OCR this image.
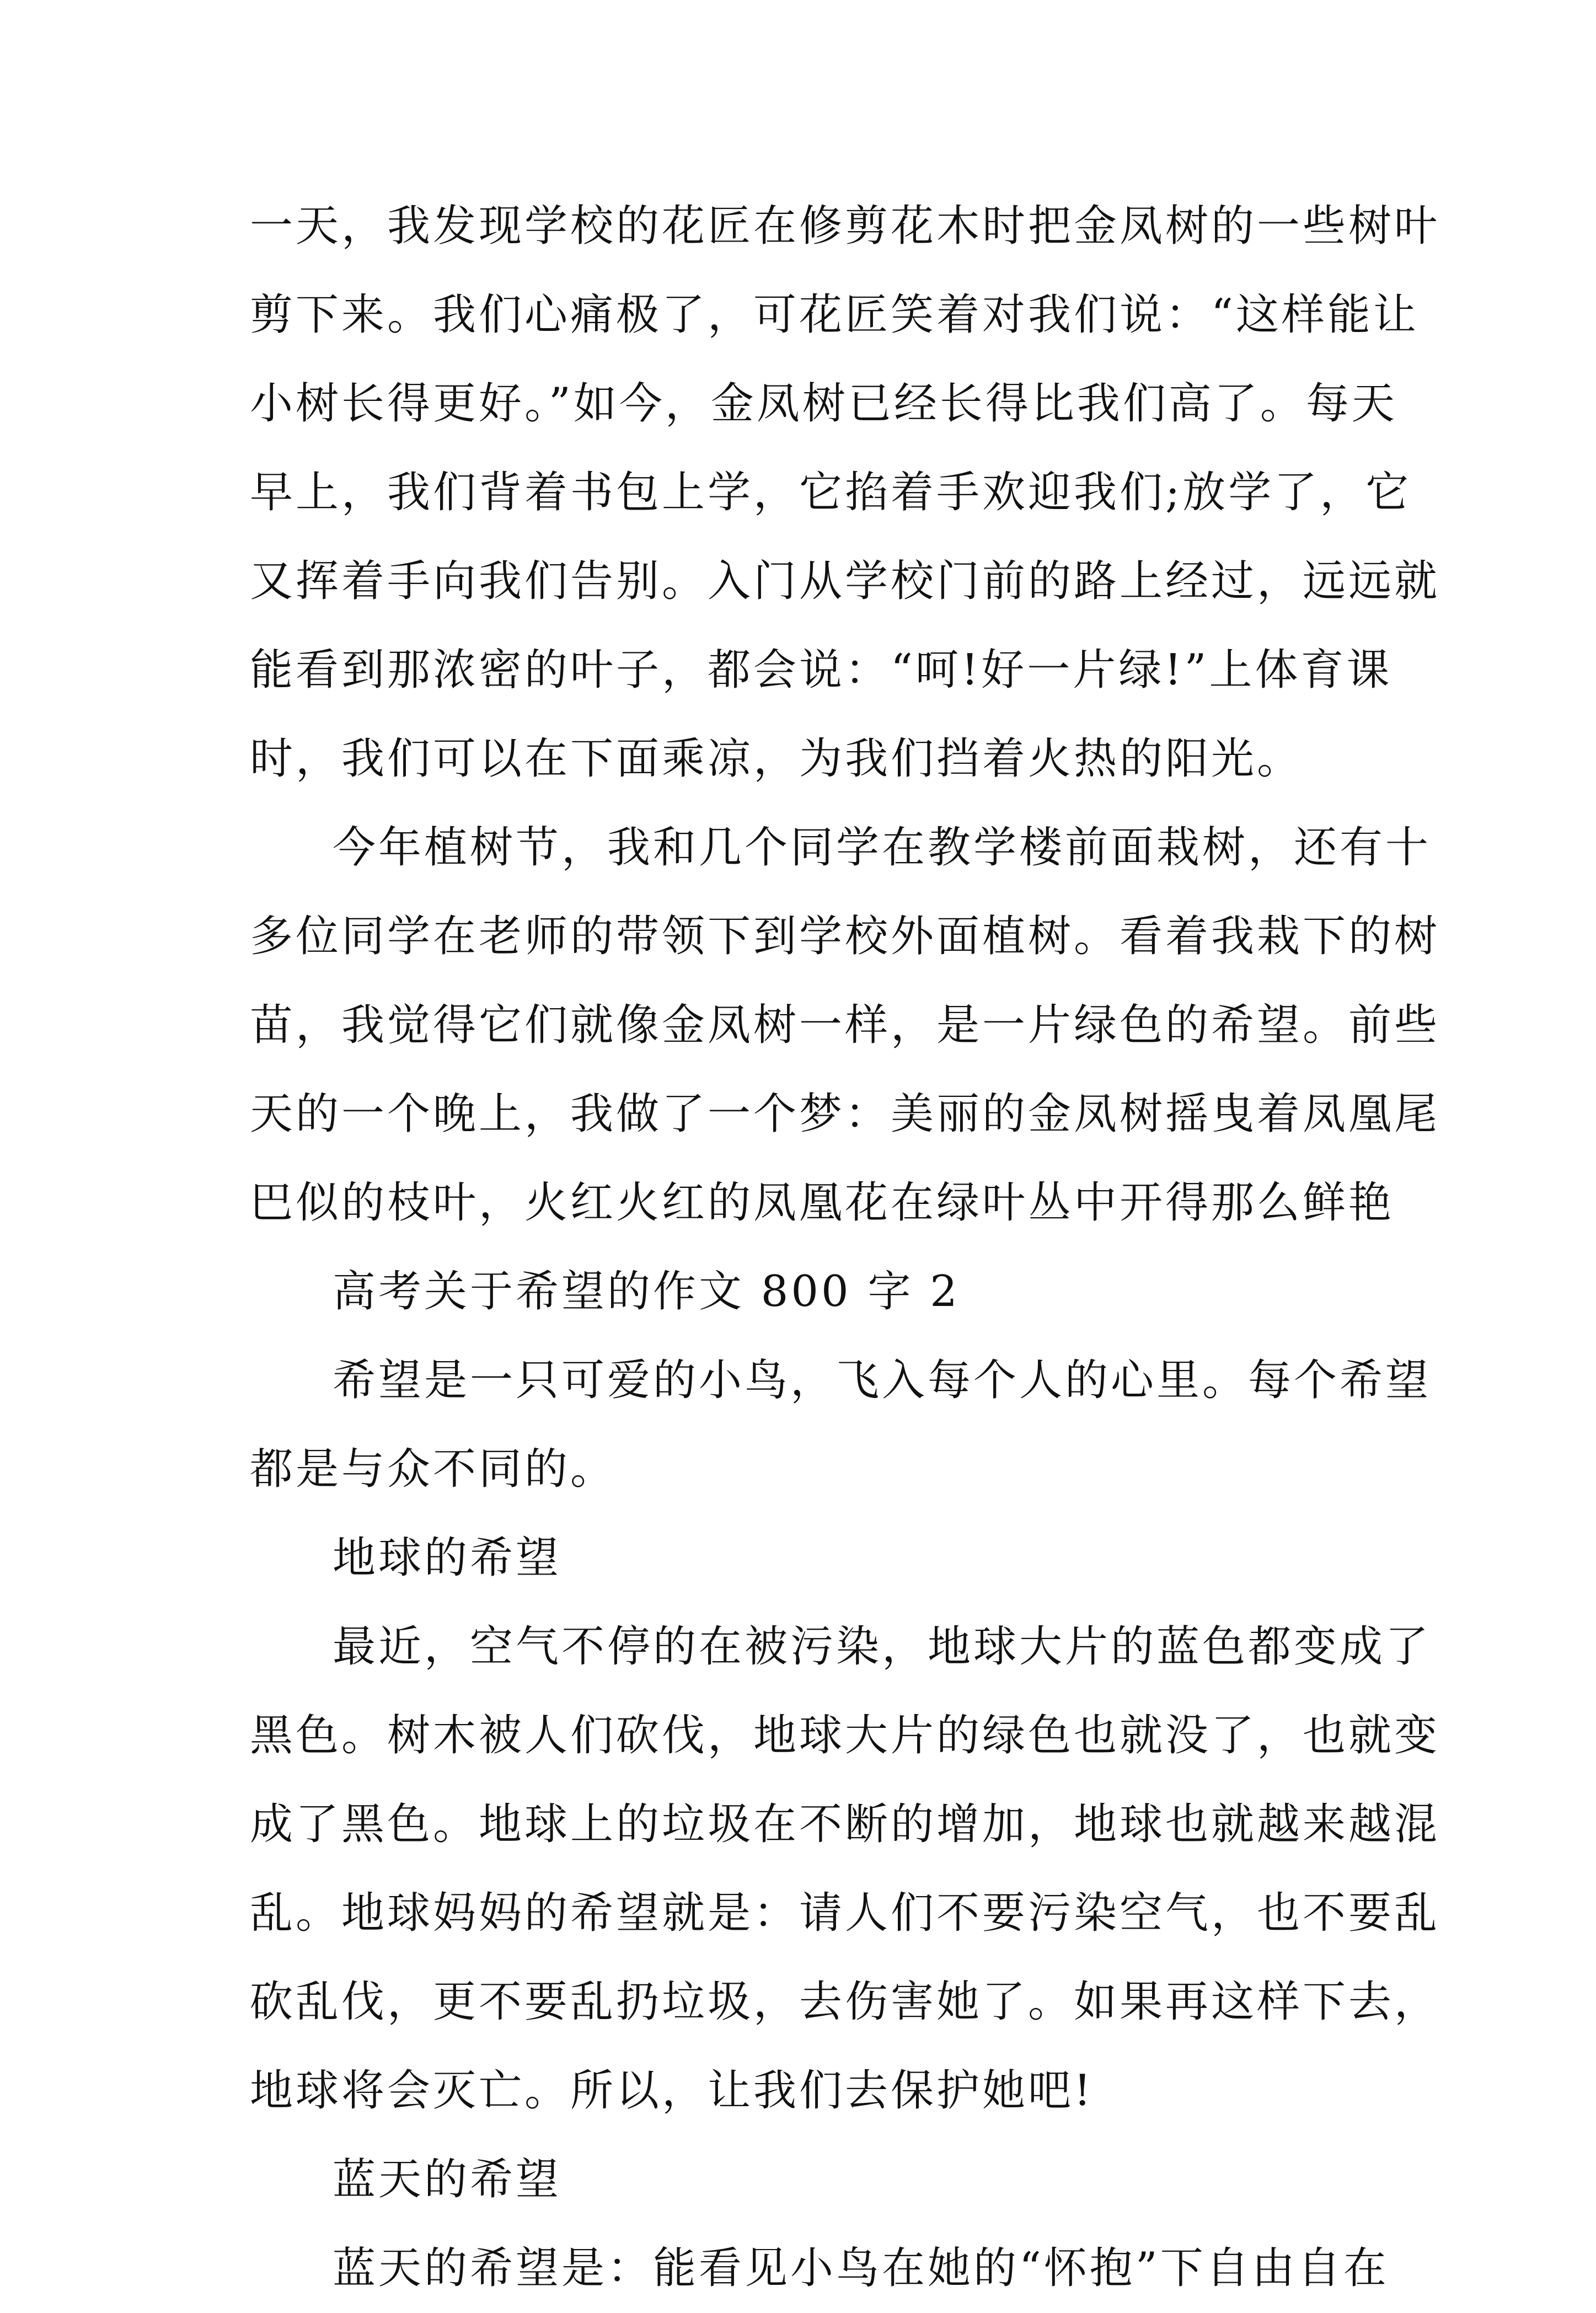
一天，我发现学校的花匠在修剪花木时把金凤树的一些树叶
剪下来。我们心痛极了，可花匠笑着对我们说：“这样能让
小树长得更好。”如今，金凤树已经长得比我们高了。每天
早上，我们背着书包上学，它掐着手欢迎我们;放学了，它
又挥着手向我们告别。入门从学校门前的路上经过，远远就
能看到那浓密的叶子，都会说：“呵!好一片绿!”上体育课
时，我们可以在下面乘凉，为我们挡着火热的阳光。
今年植树节，我和几个同学在教学楼前面栽树，还有十
多位同学在老师的带领下到学校外面植树。看着我栽下的树
苗，我觉得它们就像金凤树一样，是一片绿色的希望。前些
天的一个晚上，我做了一个梦：美丽的金凤树摇曳着凤凰尾
巴似的枝叶，火红火红的凤凰花在绿叶丛中开得那么鲜艳
高考关于希望的作文 800 字 2
希望是一只可爱的小鸟，飞入每个人的心里。每个希望
都是与众不同的。
地球的希望
最近，空气不停的在被污染，地球大片的蓝色都变成了
黑色。树木被人们砍伐，地球大片的绿色也就没了，也就变
成了黑色。地球上的垃圾在不断的增加，地球也就越来越混
乱。地球妈妈的希望就是：请人们不要污染空气，也不要乱
砍乱伐，更不要乱扔垃圾，去伤害她了。如果再这样下去，
地球将会灭亡。所以，让我们去保护她吧!
蓝天的希望
蓝天的希望是：能看见小鸟在她的“怀抱”下自由自在
